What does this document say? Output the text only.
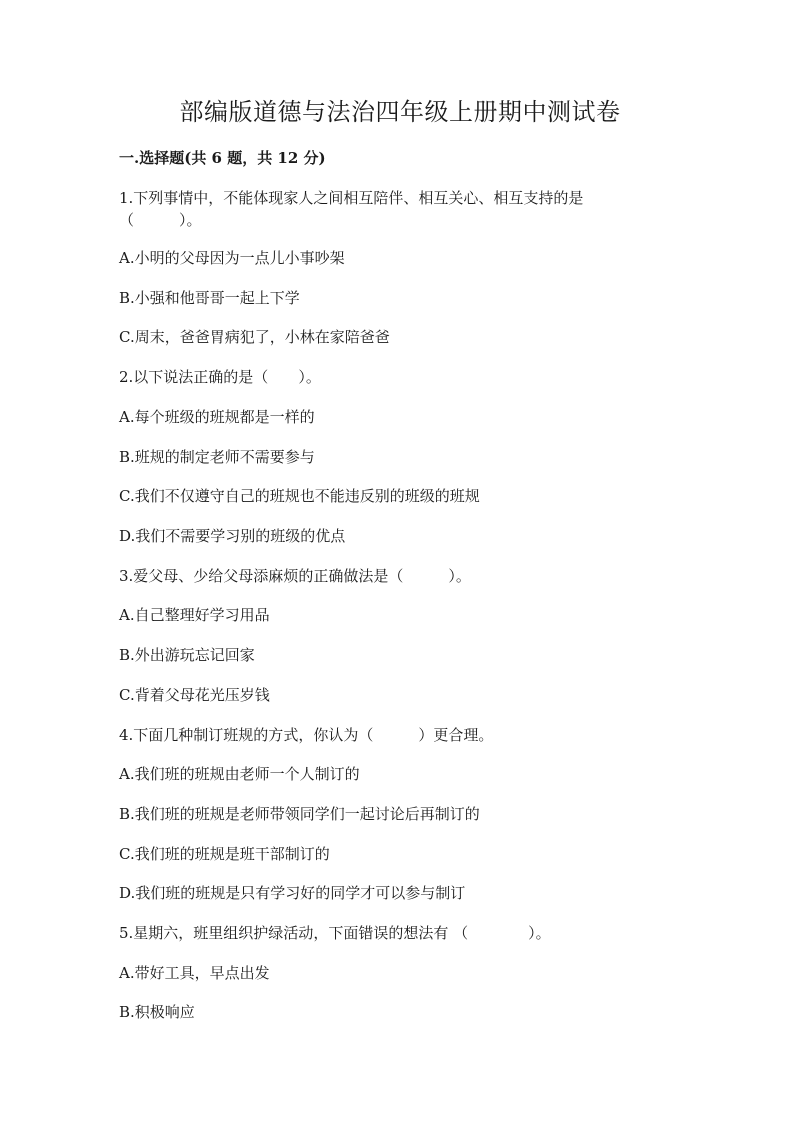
部编版道德与法治四年级上册期中测试卷
一.选择题(共 6 题，共 12 分)
1.下列事情中，不能体现家人之间相互陪伴、相互关心、相互支持的是
（　　　）。
A.小明的父母因为一点儿小事吵架
B.小强和他哥哥一起上下学
C.周末，爸爸胃病犯了，小林在家陪爸爸
2.以下说法正确的是（　　）。
A.每个班级的班规都是一样的
B.班规的制定老师不需要参与
C.我们不仅遵守自己的班规也不能违反别的班级的班规
D.我们不需要学习别的班级的优点
3.爱父母、少给父母添麻烦的正确做法是（　　　）。
A.自己整理好学习用品
B.外出游玩忘记回家
C.背着父母花光压岁钱
4.下面几种制订班规的方式，你认为（　　　）更合理。
A.我们班的班规由老师一个人制订的
B.我们班的班规是老师带领同学们一起讨论后再制订的
C.我们班的班规是班干部制订的
D.我们班的班规是只有学习好的同学才可以参与制订
5.星期六，班里组织护绿活动，下面错误的想法有 （　　　　）。
A.带好工具，早点出发
B.积极响应
